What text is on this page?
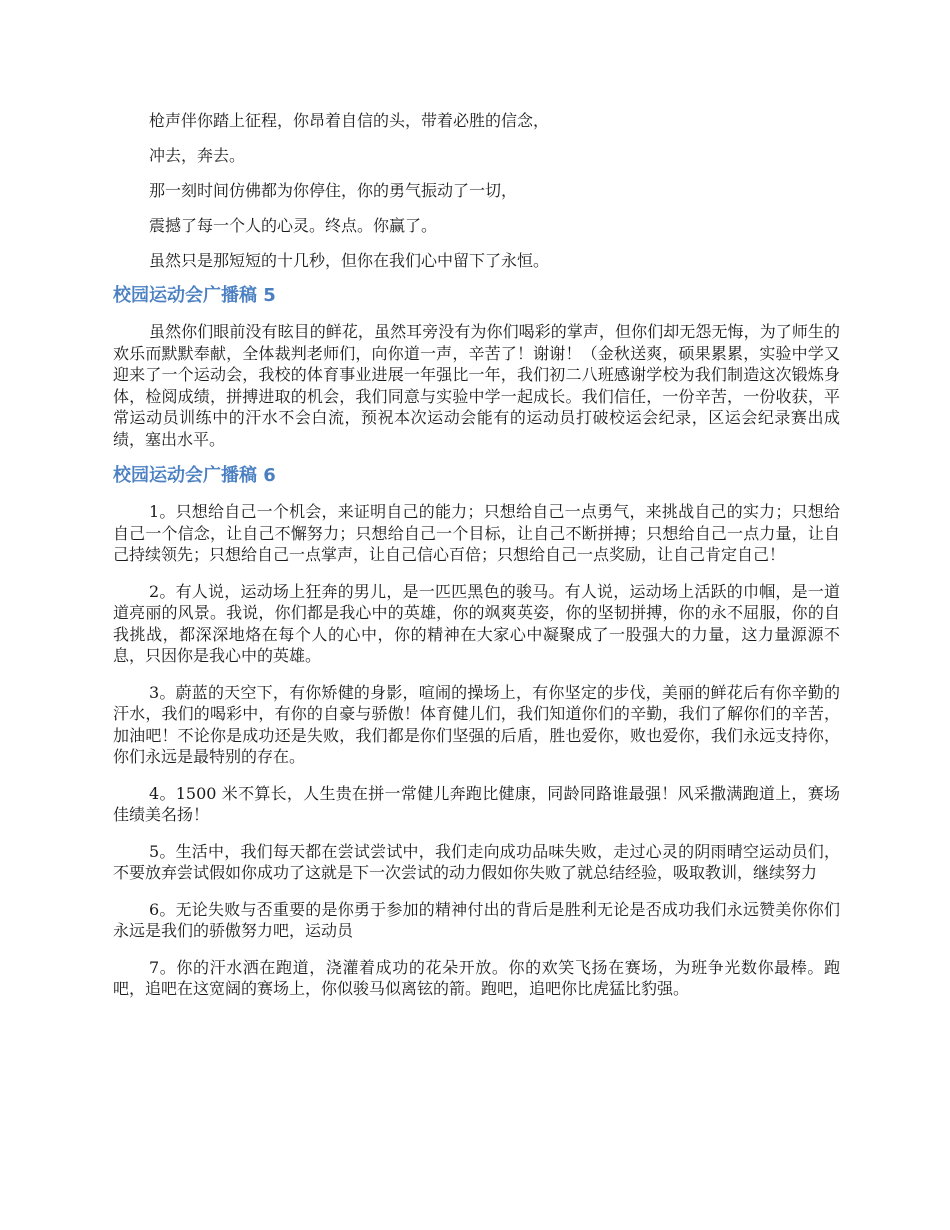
枪声伴你踏上征程，你昂着自信的头，带着必胜的信念，

冲去，奔去。

那一刻时间仿佛都为你停住，你的勇气振动了一切，

震撼了每一个人的心灵。终点。你赢了。

虽然只是那短短的十几秒，但你在我们心中留下了永恒。

校园运动会广播稿 5

虽然你们眼前没有眩目的鲜花，虽然耳旁没有为你们喝彩的掌声，但你们却无怨无悔，为了师生的欢乐而默默奉献，全体裁判老师们，向你道一声，辛苦了！谢谢！（金秋送爽，硕果累累，实验中学又迎来了一个运动会，我校的体育事业进展一年强比一年，我们初二八班感谢学校为我们制造这次锻炼身体，检阅成绩，拼搏进取的机会，我们同意与实验中学一起成长。我们信任，一份辛苦，一份收获，平常运动员训练中的汗水不会白流，预祝本次运动会能有的运动员打破校运会纪录，区运会纪录赛出成绩，塞出水平。

校园运动会广播稿 6

1。只想给自己一个机会，来证明自己的能力；只想给自己一点勇气，来挑战自己的实力；只想给自己一个信念，让自己不懈努力；只想给自己一个目标，让自己不断拼搏；只想给自己一点力量，让自己持续领先；只想给自己一点掌声，让自己信心百倍；只想给自己一点奖励，让自己肯定自己！

2。有人说，运动场上狂奔的男儿，是一匹匹黑色的骏马。有人说，运动场上活跃的巾帼，是一道道亮丽的风景。我说，你们都是我心中的英雄，你的飒爽英姿，你的坚韧拼搏，你的永不屈服，你的自我挑战，都深深地烙在每个人的心中，你的精神在大家心中凝聚成了一股强大的力量，这力量源源不息，只因你是我心中的英雄。

3。蔚蓝的天空下，有你矫健的身影，喧闹的操场上，有你坚定的步伐，美丽的鲜花后有你辛勤的汗水，我们的喝彩中，有你的自豪与骄傲！体育健儿们，我们知道你们的辛勤，我们了解你们的辛苦，加油吧！不论你是成功还是失败，我们都是你们坚强的后盾，胜也爱你，败也爱你，我们永远支持你，你们永远是最特别的存在。

4。1500 米不算长，人生贵在拼一常健儿奔跑比健康，同龄同路谁最强！风采撒满跑道上，赛场佳绩美名扬！

5。生活中，我们每天都在尝试尝试中，我们走向成功品味失败，走过心灵的阴雨晴空运动员们，不要放弃尝试假如你成功了这就是下一次尝试的动力假如你失败了就总结经验，吸取教训，继续努力

6。无论失败与否重要的是你勇于参加的精神付出的背后是胜利无论是否成功我们永远赞美你你们永远是我们的骄傲努力吧，运动员

7。你的汗水洒在跑道，浇灌着成功的花朵开放。你的欢笑飞扬在赛场，为班争光数你最棒。跑吧，追吧在这宽阔的赛场上，你似骏马似离铉的箭。跑吧，追吧你比虎猛比豹强。
